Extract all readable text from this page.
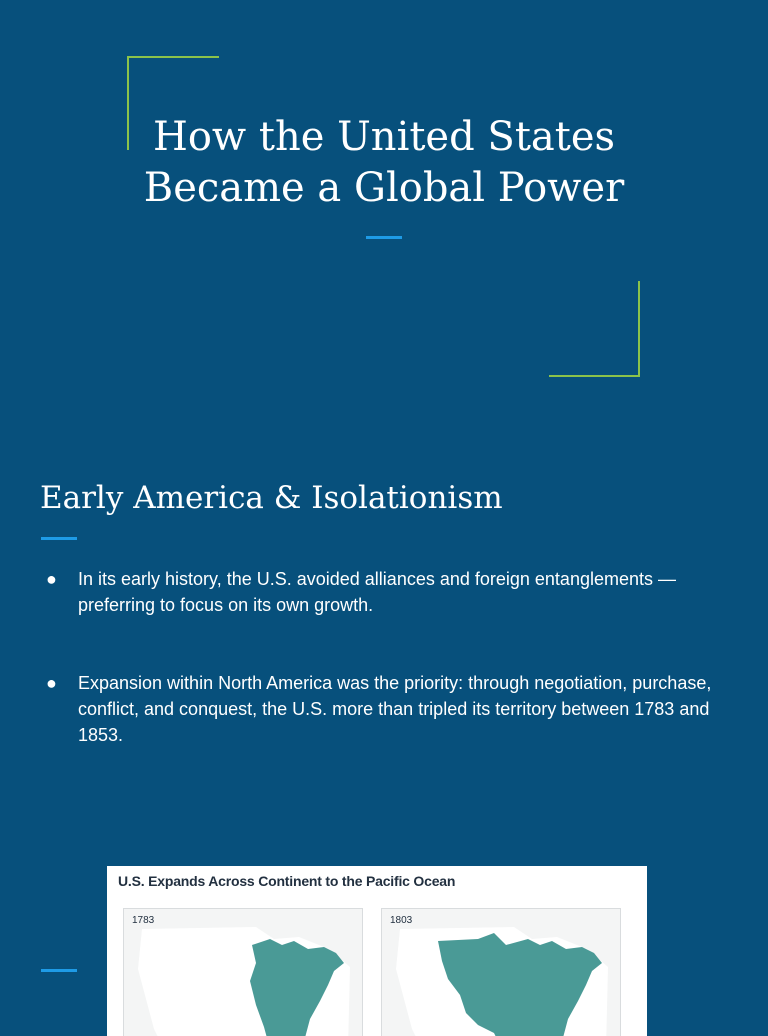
How the United States
Became a Global Power
Early America & Isolationism
● In its early history, the U.S. avoided alliances and foreign entanglements — preferring to focus on its own growth.
● Expansion within North America was the priority: through negotiation, purchase, conflict, and conquest, the U.S. more than tripled its territory between 1783 and 1853.
U.S. Expands Across Continent to the Pacific Ocean
1783	1803
